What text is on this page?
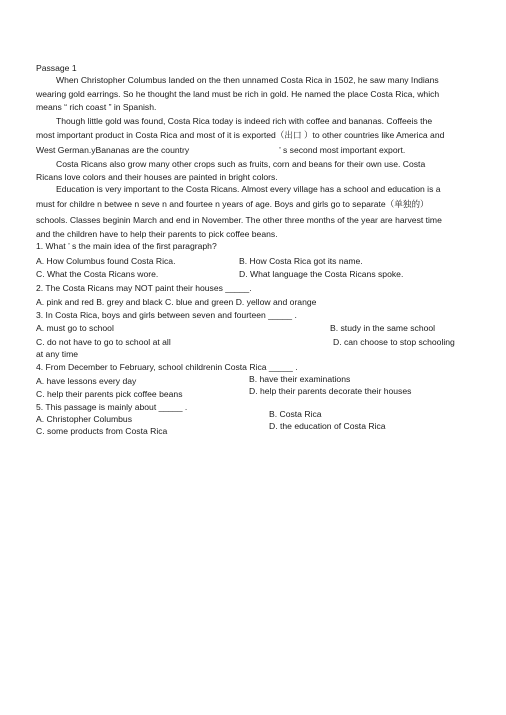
Passage 1
When Christopher Columbus landed on the then unnamed Costa Rica in 1502, he saw many Indians
wearing gold earrings. So he thought the land must be rich in gold. He named the place Costa Rica, which
means “ rich coast ” in Spanish.
Though little gold was found, Costa Rica today is indeed rich with coffee and bananas. Coffeeis the
most important product in Costa Rica and most of it is exported（出口 ）to other countries like America and
West German.yBananas are the country	’ s second most important export.
Costa Ricans also grow many other crops such as fruits, corn and beans for their own use. Costa
Ricans love colors and their houses are painted in bright colors.
Education is very important to the Costa Ricans. Almost every village has a school and education is a
must for childre n betwee n seve n and fourtee n years of age. Boys and girls go to separate（单独的）
schools. Classes beginin March and end in November. The other three months of the year are harvest time
and the children have to help their parents to pick coffee beans.
1. What ’ s the main idea of the first paragraph?
A. How Columbus found Costa Rica.	B. How Costa Rica got its name.
C. What the Costa Ricans wore.	D. What language the Costa Ricans spoke.
2. The Costa Ricans may NOT paint their houses _____.
A. pink and red B. grey and black C. blue and green D. yellow and orange
3. In Costa Rica, boys and girls between seven and fourteen _____ .
A. must go to school	B. study in the same school
C. do not have to go to school at all	D. can choose to stop schooling
at any time
4. From December to February, school childrenin Costa Rica _____ .
A. have lessons every day	B. have their examinations
C. help their parents pick coffee beans	D. help their parents decorate their houses
5. This passage is mainly about _____ .
A. Christopher Columbus	B. Costa Rica
C. some products from Costa Rica	D. the education of Costa Rica
